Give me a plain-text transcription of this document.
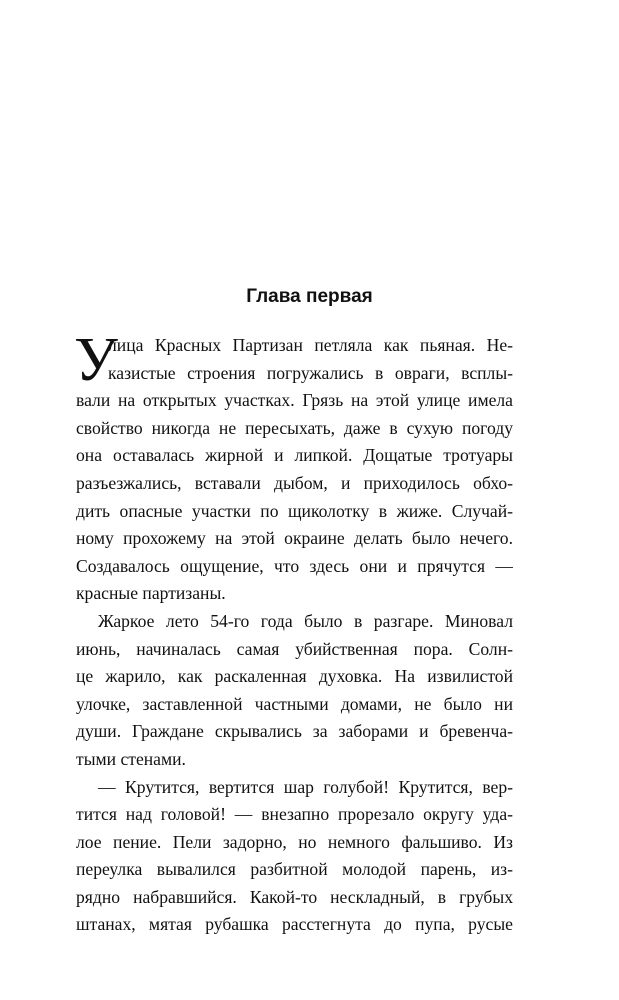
Глава первая
У
лица Красных Партизан петляла как пьяная. Не-
казистые строения погружались в овраги, всплы-
вали на открытых участках. Грязь на этой улице имела
свойство никогда не пересыхать, даже в сухую погоду
она оставалась жирной и липкой. Дощатые тротуары
разъезжались, вставали дыбом, и приходилось обхо-
дить опасные участки по щиколотку в жиже. Случай-
ному прохожему на этой окраине делать было нечего.
Создавалось ощущение, что здесь они и прячутся —
красные партизаны.
Жаркое лето 54-го года было в разгаре. Миновал
июнь, начиналась самая убийственная пора. Солн-
це жарило, как раскаленная духовка. На извилистой
улочке, заставленной частными домами, не было ни
души. Граждане скрывались за заборами и бревенча-
тыми стенами.
— Крутится, вертится шар голубой! Крутится, вер-
тится над головой! — внезапно прорезало округу уда-
лое пение. Пели задорно, но немного фальшиво. Из
переулка вывалился разбитной молодой парень, из-
рядно набравшийся. Какой-то нескладный, в грубых
штанах, мятая рубашка расстегнута до пупа, русые
